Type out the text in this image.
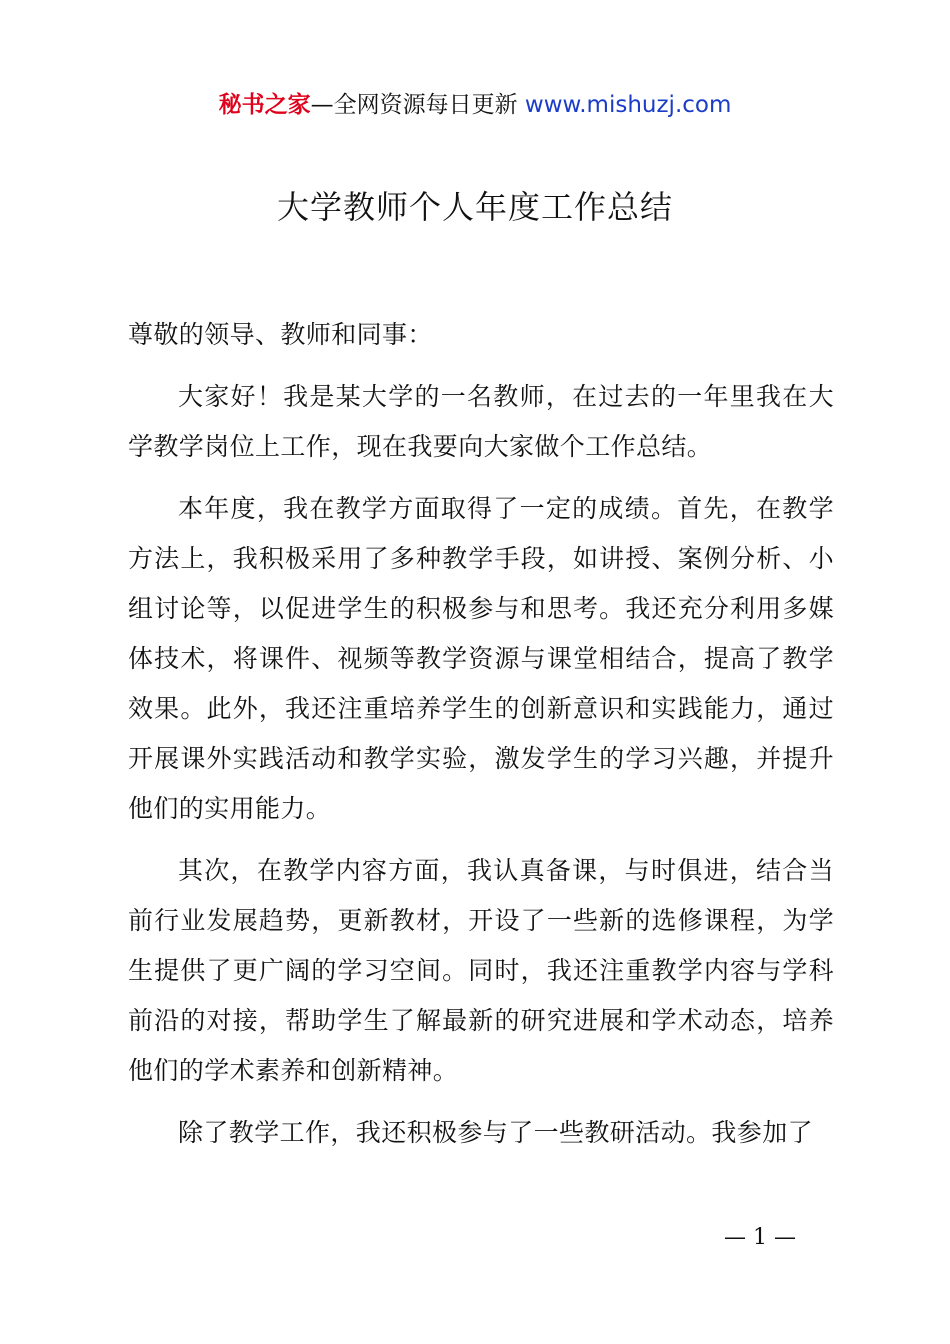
秘书之家—全网资源每日更新 www.mishuzj.com
大学教师个人年度工作总结

尊敬的领导、教师和同事：

大家好！我是某大学的一名教师，在过去的一年里我在大学教学岗位上工作，现在我要向大家做个工作总结。

本年度，我在教学方面取得了一定的成绩。首先，在教学方法上，我积极采用了多种教学手段，如讲授、案例分析、小组讨论等，以促进学生的积极参与和思考。我还充分利用多媒体技术，将课件、视频等教学资源与课堂相结合，提高了教学效果。此外，我还注重培养学生的创新意识和实践能力，通过开展课外实践活动和教学实验，激发学生的学习兴趣，并提升他们的实用能力。

其次，在教学内容方面，我认真备课，与时俱进，结合当前行业发展趋势，更新教材，开设了一些新的选修课程，为学生提供了更广阔的学习空间。同时，我还注重教学内容与学科前沿的对接，帮助学生了解最新的研究进展和学术动态，培养他们的学术素养和创新精神。

除了教学工作，我还积极参与了一些教研活动。我参加了

— 1 —
